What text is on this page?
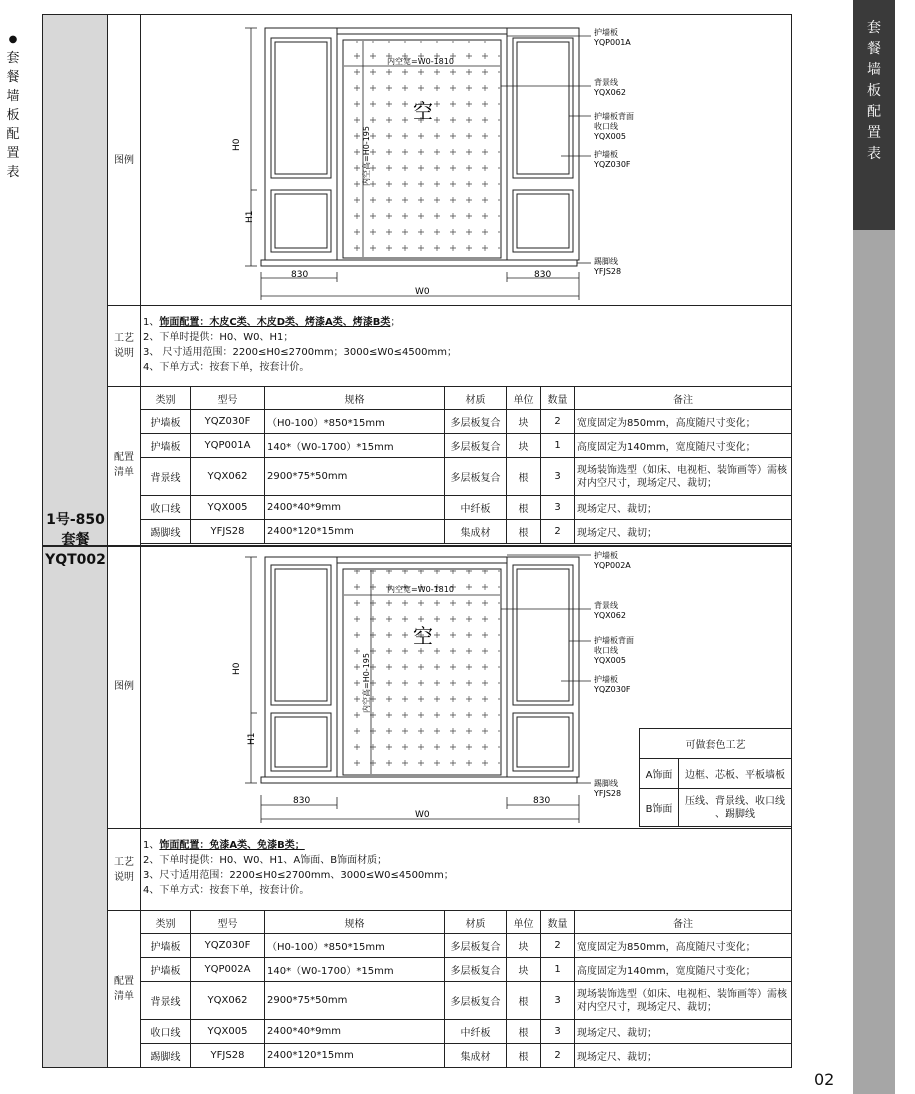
●
套
餐
墙
板
配
置
表
套
餐
墙
板
配
置
表
02
1号-850
套餐
YQT002
图例
工艺
说明
配置
清单
图例
工艺
说明
配置
清单
H0
H1
830	830
W0
内空宽=W0-1810
内空高=H0-195
空
护墙板
YQP001A
背景线
YQX062
护墙板背面
收口线
YQX005
护墙板
YQZ030F
踢脚线
YFJS28
1、饰面配置：木皮C类、木皮D类、烤漆A类、烤漆B类；
2、下单时提供：H0、W0、H1；
3、 尺寸适用范围：2200≤H0≤2700mm；3000≤W0≤4500mm；
4、下单方式：按套下单，按套计价。
类别	型号	规格	材质	单位	数量	备注
护墙板	YQZ030F	（H0-100）*850*15mm	多层板复合	块	2	宽度固定为850mm，高度随尺寸变化；
护墙板	YQP001A	140*（W0-1700）*15mm	多层板复合	块	1	高度固定为140mm，宽度随尺寸变化；
背景线	YQX062	2900*75*50mm	多层板复合	根	3	现场装饰选型（如床、电视柜、装饰画等）需核对内空尺寸，现场定尺、裁切；
收口线	YQX005	2400*40*9mm	中纤板	根	3	现场定尺、裁切；
踢脚线	YFJS28	2400*120*15mm	集成材	根	2	现场定尺、裁切；
H0
H1
830	830
W0
内空宽=W0-1810
内空高=H0-195
空
护墙板
YQP002A
背景线
YQX062
护墙板背面
收口线
YQX005
护墙板
YQZ030F
踢脚线
YFJS28
可做套色工艺	
A饰面	边框、芯板、平板墙板
B饰面	压线、背景线、收口线
、踢脚线
1、饰面配置：免漆A类、免漆B类；
2、下单时提供：H0、W0、H1、A饰面、B饰面材质；
3、尺寸适用范围：2200≤H0≤2700mm、3000≤W0≤4500mm；
4、下单方式：按套下单，按套计价。
类别	型号	规格	材质	单位	数量	备注
护墙板	YQZ030F	（H0-100）*850*15mm	多层板复合	块	2	宽度固定为850mm，高度随尺寸变化；
护墙板	YQP002A	140*（W0-1700）*15mm	多层板复合	块	1	高度固定为140mm，宽度随尺寸变化；
背景线	YQX062	2900*75*50mm	多层板复合	根	3	现场装饰选型（如床、电视柜、装饰画等）需核对内空尺寸，现场定尺、裁切；
收口线	YQX005	2400*40*9mm	中纤板	根	3	现场定尺、裁切；
踢脚线	YFJS28	2400*120*15mm	集成材	根	2	现场定尺、裁切；
